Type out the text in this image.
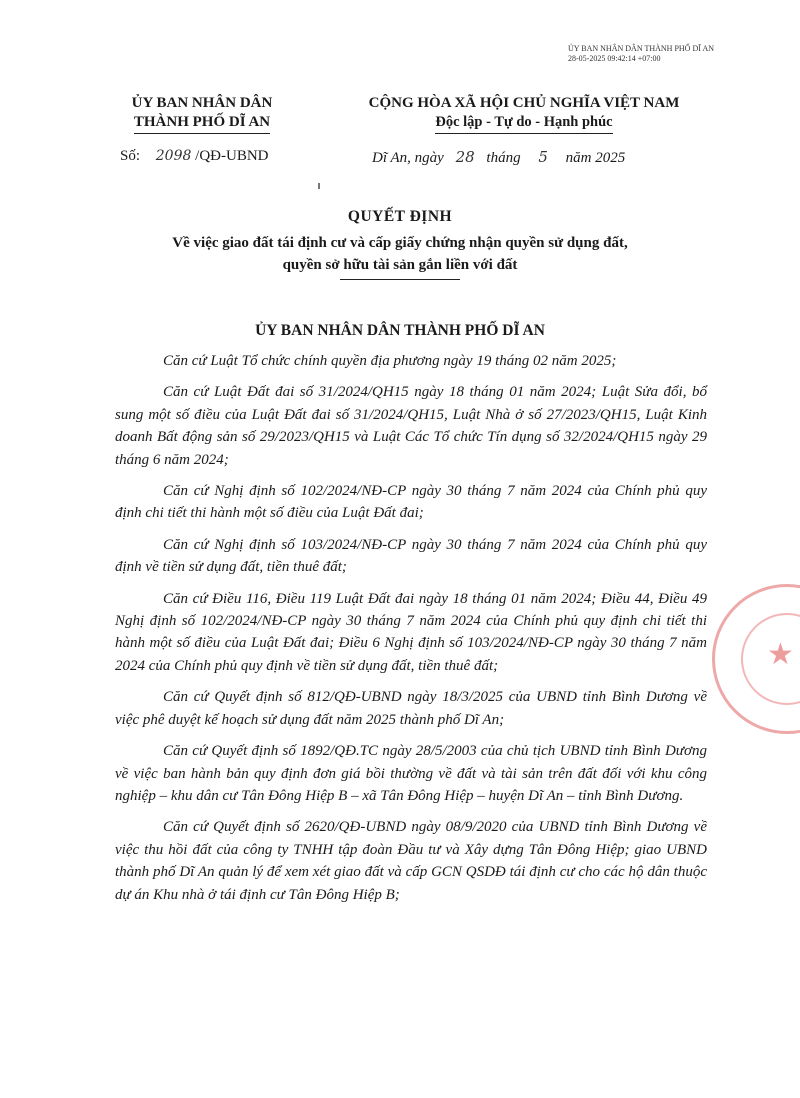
ỦY BAN NHÂN DÂN THÀNH PHỐ DĨ AN
28-05-2025 09:42:14 +07:00
ỦY BAN NHÂN DÂN
THÀNH PHỐ DĨ AN
CỘNG HÒA XÃ HỘI CHỦ NGHĨA VIỆT NAM
Độc lập - Tự do - Hạnh phúc
Số: 2098 /QĐ-UBND	Dĩ An, ngày 28 tháng 5 năm 2025
QUYẾT ĐỊNH
Về việc giao đất tái định cư và cấp giấy chứng nhận quyền sử dụng đất,
quyền sở hữu tài sản gắn liền với đất
ỦY BAN NHÂN DÂN THÀNH PHỐ DĨ AN

Căn cứ Luật Tổ chức chính quyền địa phương ngày 19 tháng 02 năm 2025;

Căn cứ Luật Đất đai số 31/2024/QH15 ngày 18 tháng 01 năm 2024; Luật Sửa đổi, bổ sung một số điều của Luật Đất đai số 31/2024/QH15, Luật Nhà ở số 27/2023/QH15, Luật Kinh doanh Bất động sản số 29/2023/QH15 và Luật Các Tổ chức Tín dụng số 32/2024/QH15 ngày 29 tháng 6 năm 2024;

Căn cứ Nghị định số 102/2024/NĐ-CP ngày 30 tháng 7 năm 2024 của Chính phủ quy định chi tiết thi hành một số điều của Luật Đất đai;

Căn cứ Nghị định số 103/2024/NĐ-CP ngày 30 tháng 7 năm 2024 của Chính phủ quy định về tiền sử dụng đất, tiền thuê đất;

Căn cứ Điều 116, Điều 119 Luật Đất đai ngày 18 tháng 01 năm 2024; Điều 44, Điều 49 Nghị định số 102/2024/NĐ-CP ngày 30 tháng 7 năm 2024 của Chính phủ quy định chi tiết thi hành một số điều của Luật Đất đai; Điều 6 Nghị định số 103/2024/NĐ-CP ngày 30 tháng 7 năm 2024 của Chính phủ quy định về tiền sử dụng đất, tiền thuê đất;

Căn cứ Quyết định số 812/QĐ-UBND ngày 18/3/2025 của UBND tỉnh Bình Dương về việc phê duyệt kế hoạch sử dụng đất năm 2025 thành phố Dĩ An;

Căn cứ Quyết định số 1892/QĐ.TC ngày 28/5/2003 của chủ tịch UBND tỉnh Bình Dương về việc ban hành bản quy định đơn giá bồi thường về đất và tài sản trên đất đối với khu công nghiệp – khu dân cư Tân Đông Hiệp B – xã Tân Đông Hiệp – huyện Dĩ An – tỉnh Bình Dương.

Căn cứ Quyết định số 2620/QĐ-UBND ngày 08/9/2020 của UBND tỉnh Bình Dương về việc thu hồi đất của công ty TNHH tập đoàn Đầu tư và Xây dựng Tân Đông Hiệp; giao UBND thành phố Dĩ An quản lý để xem xét giao đất và cấp GCN QSDĐ tái định cư cho các hộ dân thuộc dự án Khu nhà ở tái định cư Tân Đông Hiệp B;

★
